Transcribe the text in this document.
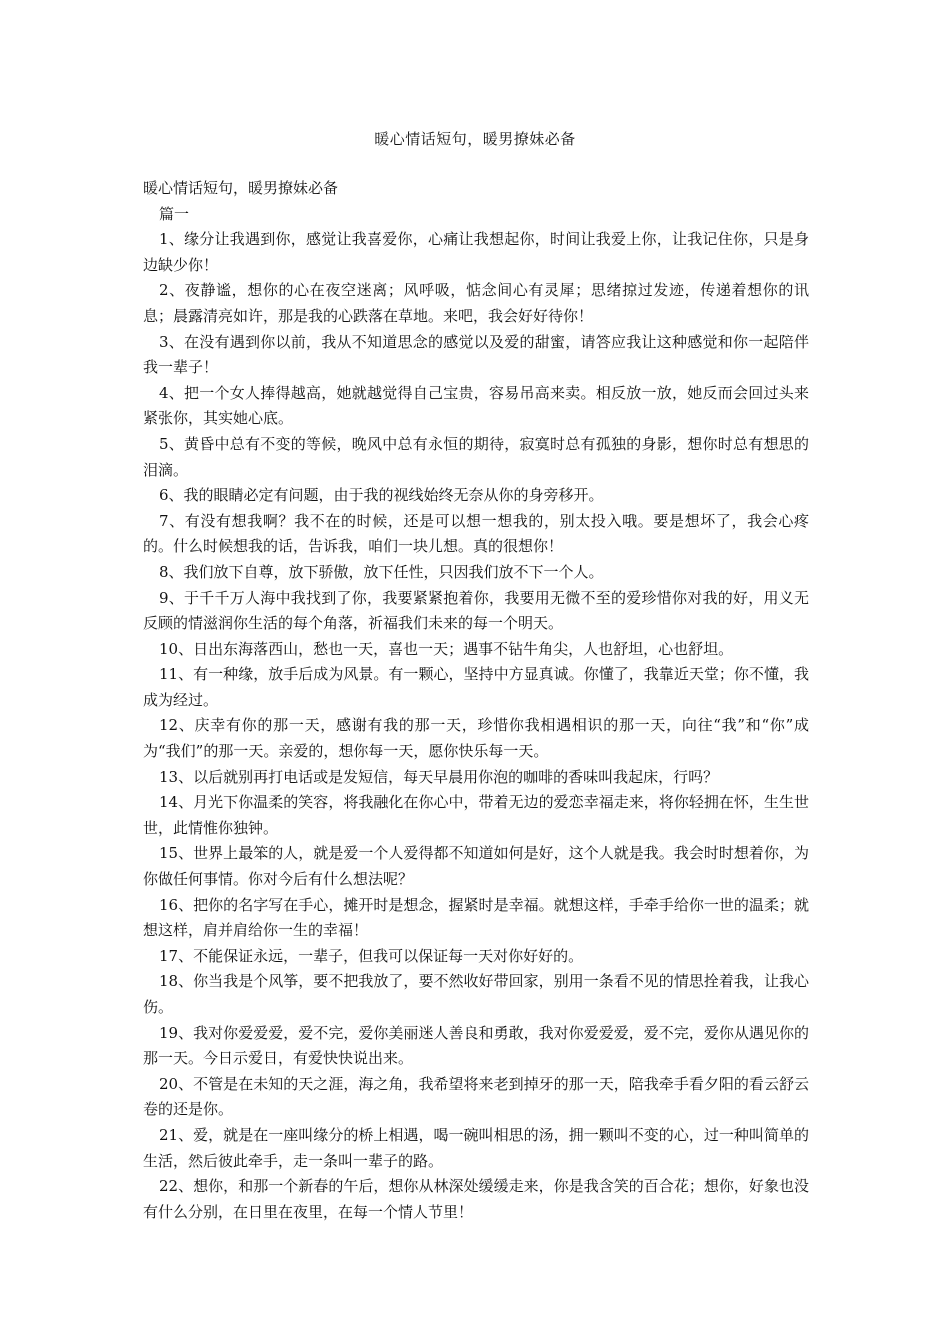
暖心情话短句，暖男撩妹必备

暖心情话短句，暖男撩妹必备

篇一

1、缘分让我遇到你，感觉让我喜爱你，心痛让我想起你，时间让我爱上你，让我记住你，只是身边缺少你！

2、夜静谧，想你的心在夜空迷离；风呼吸，惦念间心有灵犀；思绪掠过发迹，传递着想你的讯息；晨露清亮如许，那是我的心跌落在草地。来吧，我会好好待你！

3、在没有遇到你以前，我从不知道思念的感觉以及爱的甜蜜，请答应我让这种感觉和你一起陪伴我一辈子！

4、把一个女人捧得越高，她就越觉得自己宝贵，容易吊高来卖。相反放一放，她反而会回过头来紧张你，其实她心底。

5、黄昏中总有不变的等候，晚风中总有永恒的期待，寂寞时总有孤独的身影，想你时总有想思的泪滴。

6、我的眼睛必定有问题，由于我的视线始终无奈从你的身旁移开。

7、有没有想我啊？我不在的时候，还是可以想一想我的，别太投入哦。要是想坏了，我会心疼的。什么时候想我的话，告诉我，咱们一块儿想。真的很想你！

8、我们放下自尊，放下骄傲，放下任性，只因我们放不下一个人。

9、于千千万人海中我找到了你，我要紧紧抱着你，我要用无微不至的爱珍惜你对我的好，用义无反顾的情滋润你生活的每个角落，祈福我们未来的每一个明天。

10、日出东海落西山，愁也一天，喜也一天；遇事不钻牛角尖，人也舒坦，心也舒坦。

11、有一种缘，放手后成为风景。有一颗心，坚持中方显真诚。你懂了，我靠近天堂；你不懂，我成为经过。

12、庆幸有你的那一天，感谢有我的那一天，珍惜你我相遇相识的那一天，向往“我”和“你”成为“我们”的那一天。亲爱的，想你每一天，愿你快乐每一天。

13、以后就别再打电话或是发短信，每天早晨用你泡的咖啡的香味叫我起床，行吗？

14、月光下你温柔的笑容，将我融化在你心中，带着无边的爱恋幸福走来，将你轻拥在怀，生生世世，此情惟你独钟。

15、世界上最笨的人，就是爱一个人爱得都不知道如何是好，这个人就是我。我会时时想着你，为你做任何事情。你对今后有什么想法呢？

16、把你的名字写在手心，摊开时是想念，握紧时是幸福。就想这样，手牵手给你一世的温柔；就想这样，肩并肩给你一生的幸福！

17、不能保证永远，一辈子，但我可以保证每一天对你好好的。

18、你当我是个风筝，要不把我放了，要不然收好带回家，别用一条看不见的情思拴着我，让我心伤。

19、我对你爱爱爱，爱不完，爱你美丽迷人善良和勇敢，我对你爱爱爱，爱不完，爱你从遇见你的那一天。今日示爱日，有爱快快说出来。

20、不管是在未知的天之涯，海之角，我希望将来老到掉牙的那一天，陪我牵手看夕阳的看云舒云卷的还是你。

21、爱，就是在一座叫缘分的桥上相遇，喝一碗叫相思的汤，拥一颗叫不变的心，过一种叫简单的生活，然后彼此牵手，走一条叫一辈子的路。

22、想你，和那一个新春的午后，想你从林深处缓缓走来，你是我含笑的百合花；想你，好象也没有什么分别，在日里在夜里，在每一个情人节里！
